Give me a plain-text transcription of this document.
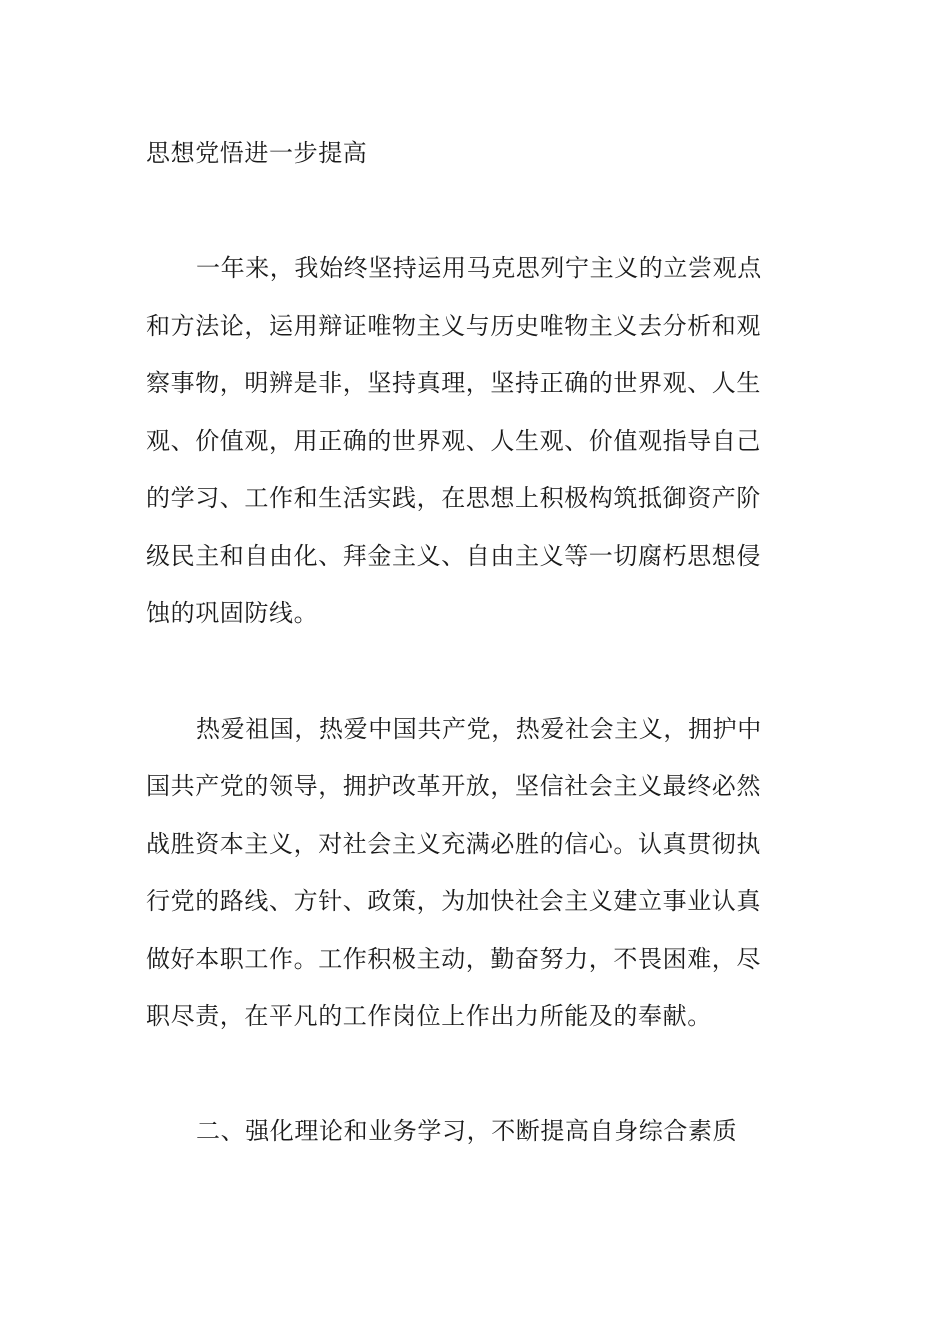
思想党悟进一步提高
一年来，我始终坚持运用马克思列宁主义的立尝观点
和方法论，运用辩证唯物主义与历史唯物主义去分析和观
察事物，明辨是非，坚持真理，坚持正确的世界观、人生
观、价值观，用正确的世界观、人生观、价值观指导自己
的学习、工作和生活实践，在思想上积极构筑抵御资产阶
级民主和自由化、拜金主义、自由主义等一切腐朽思想侵
蚀的巩固防线。
热爱祖国，热爱中国共产党，热爱社会主义，拥护中
国共产党的领导，拥护改革开放，坚信社会主义最终必然
战胜资本主义，对社会主义充满必胜的信心。认真贯彻执
行党的路线、方针、政策，为加快社会主义建立事业认真
做好本职工作。工作积极主动，勤奋努力，不畏困难，尽
职尽责，在平凡的工作岗位上作出力所能及的奉献。
二、强化理论和业务学习，不断提高自身综合素质
